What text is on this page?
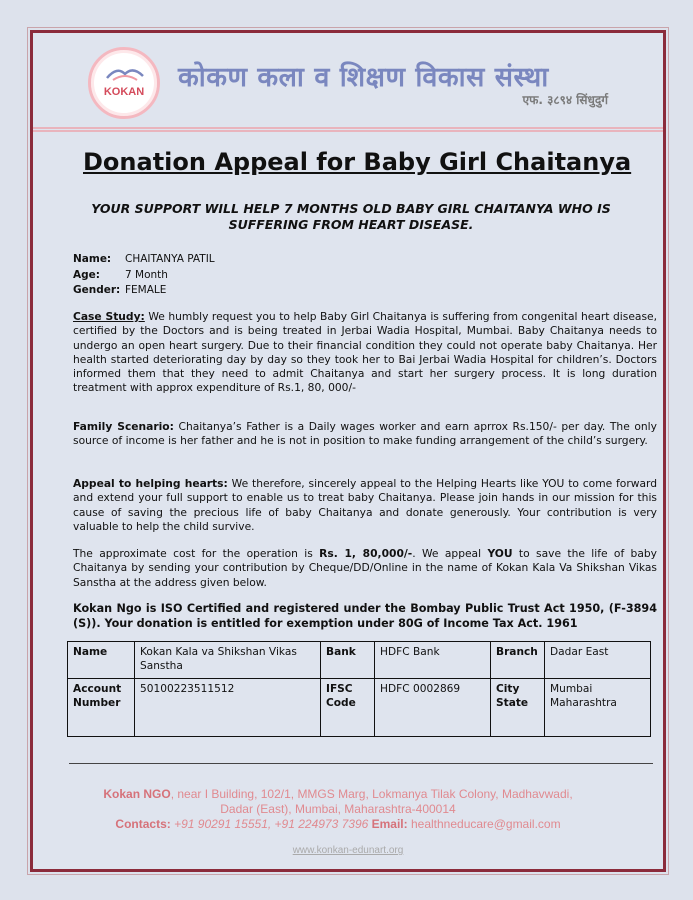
KOKAN	कोकण कला व शिक्षण विकास संस्था
एफ. ३८९४ सिंधुदुर्ग
Donation Appeal for Baby Girl Chaitanya
YOUR SUPPORT WILL HELP 7 MONTHS OLD BABY GIRL CHAITANYA WHO IS SUFFERING FROM HEART DISEASE.
Name:	CHAITANYA PATIL
Age:	7 Month
Gender: FEMALE
Case Study: We humbly request you to help Baby Girl Chaitanya is suffering from congenital heart disease, certified by the Doctors and is being treated in Jerbai Wadia Hospital, Mumbai. Baby Chaitanya needs to undergo an open heart surgery. Due to their financial condition they could not operate baby Chaitanya. Her health started deteriorating day by day so they took her to Bai Jerbai Wadia Hospital for children’s. Doctors informed them that they need to admit Chaitanya and start her surgery process. It is long duration treatment with approx expenditure of Rs.1, 80, 000/-
Family Scenario: Chaitanya’s Father is a Daily wages worker and earn aprrox Rs.150/- per day. The only source of income is her father and he is not in position to make funding arrangement of the child’s surgery.
Appeal to helping hearts: We therefore, sincerely appeal to the Helping Hearts like YOU to come forward and extend your full support to enable us to treat baby Chaitanya. Please join hands in our mission for this cause of saving the precious life of baby Chaitanya and donate generously. Your contribution is very valuable to help the child survive.
The approximate cost for the operation is Rs. 1, 80,000/-. We appeal YOU to save the life of baby Chaitanya by sending your contribution by Cheque/DD/Online in the name of Kokan Kala Va Shikshan Vikas Sanstha at the address given below.
Kokan Ngo is ISO Certified and registered under the Bombay Public Trust Act 1950, (F-3894 (S)). Your donation is entitled for exemption under 80G of Income Tax Act. 1961
Name	Kokan Kala va Shikshan Vikas Sanstha	Bank	HDFC Bank	Branch	Dadar East
Account Number	50100223511512	IFSC Code	HDFC 0002869	City State	Mumbai
Maharashtra
Kokan NGO, near I Building, 102/1, MMGS Marg, Lokmanya Tilak Colony, Madhavwadi,
Dadar (East), Mumbai, Maharashtra-400014
Contacts: +91 90291 15551, +91 224973 7396 Email: healthneducare@gmail.com
www.konkan-edunart.org
